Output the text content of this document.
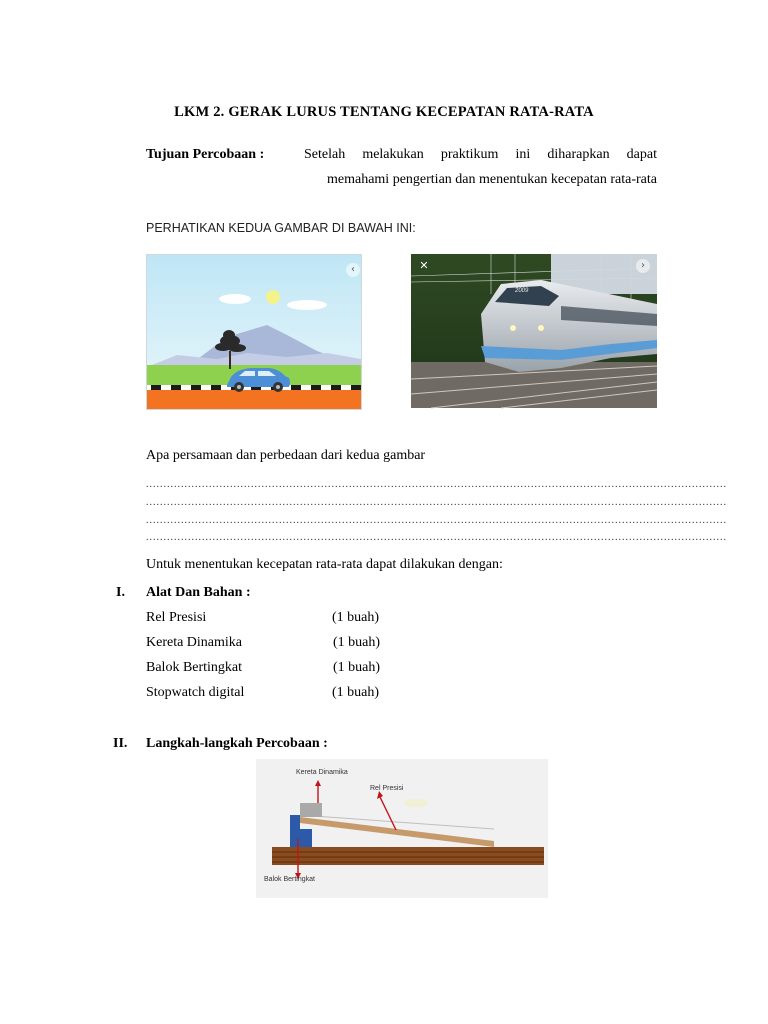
LKM 2. GERAK LURUS TENTANG KECEPATAN RATA-RATA
Tujuan Percobaan :	Setelah melakukan praktikum ini diharapkan dapat
memahami pengertian dan menentukan kecepatan rata-rata
PERHATIKAN KEDUA GAMBAR DI BAWAH INI:
‹
2009
✕	›
Apa persamaan dan perbedaan dari kedua gambar
......................................................................................................................................................................
......................................................................................................................................................................
......................................................................................................................................................................
......................................................................................................................................................................
Untuk menentukan kecepatan rata-rata dapat dilakukan dengan:
I. Alat Dan Bahan :
Rel Presisi	(1 buah)
Kereta Dinamika	(1 buah)
Balok Bertingkat	(1 buah)
Stopwatch digital	(1 buah)
II. Langkah-langkah Percobaan :
Kereta Dinamika
Rel Presisi
Balok Bertingkat
